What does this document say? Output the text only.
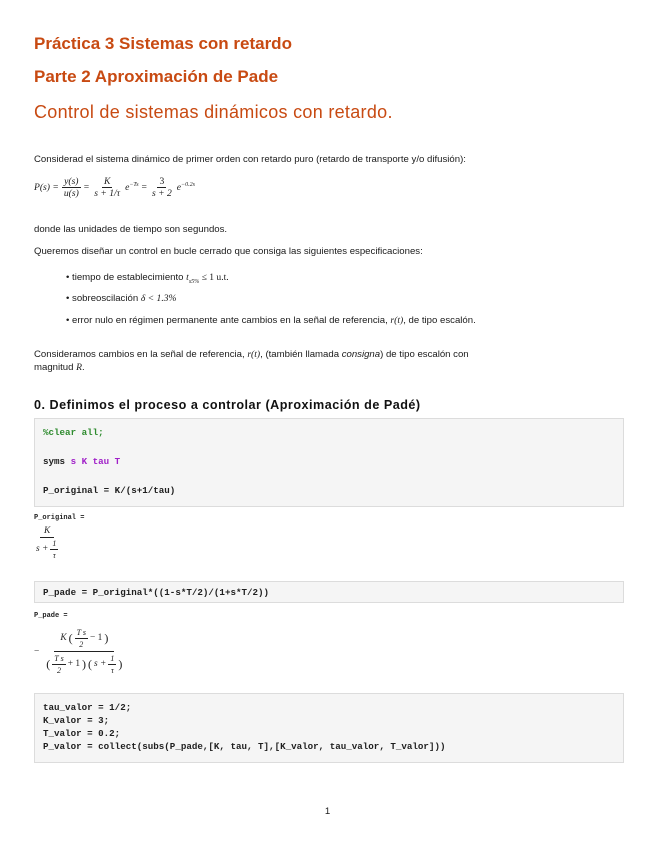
Práctica 3 Sistemas con retardo
Parte 2 Aproximación de Pade
Control de sistemas dinámicos con retardo.
Considerad el sistema dinámico de primer orden con retardo puro (retardo de transporte y/o difusión):
$P(s) = \frac{y(s)}{u(s)} = \frac{K}{s + 1/\tau} e^{-Ts} = \frac{3}{s + 2} e^{-0.2s}$
donde las unidades de tiempo son segundos.
Queremos diseñar un control en bucle cerrado que consiga las siguientes especificaciones:
• tiempo de establecimiento $t_{s5\%} \le 1$ u.t.
• sobreoscilación δ < 1.3%
• error nulo en régimen permanente ante cambios en la señal de referencia, r(t), de tipo escalón.
Consideramos cambios en la señal de referencia, r(t), (también llamada consigna) de tipo escalón con
magnitud R.
0. Definimos el proceso a controlar (Aproximación de Padé)
%clear all;
syms s K tau T
P_original = K/(s+1/tau)
P_original =
$\frac{K}{s + \frac{1}{\tau}}$
P_pade = P_original*((1-s*T/2)/(1+s*T/2))
P_pade =
−
K ( $\frac{\text{T s}}{2} - 1$ )
( $\frac{\text{T s}}{2} + 1$ ) ( $s + \frac{1}{\tau}$ )
tau_valor = 1/2;
K_valor = 3;
T_valor = 0.2;
P_valor = collect(subs(P_pade,[K, tau, T],[K_valor, tau_valor, T_valor]))
1
